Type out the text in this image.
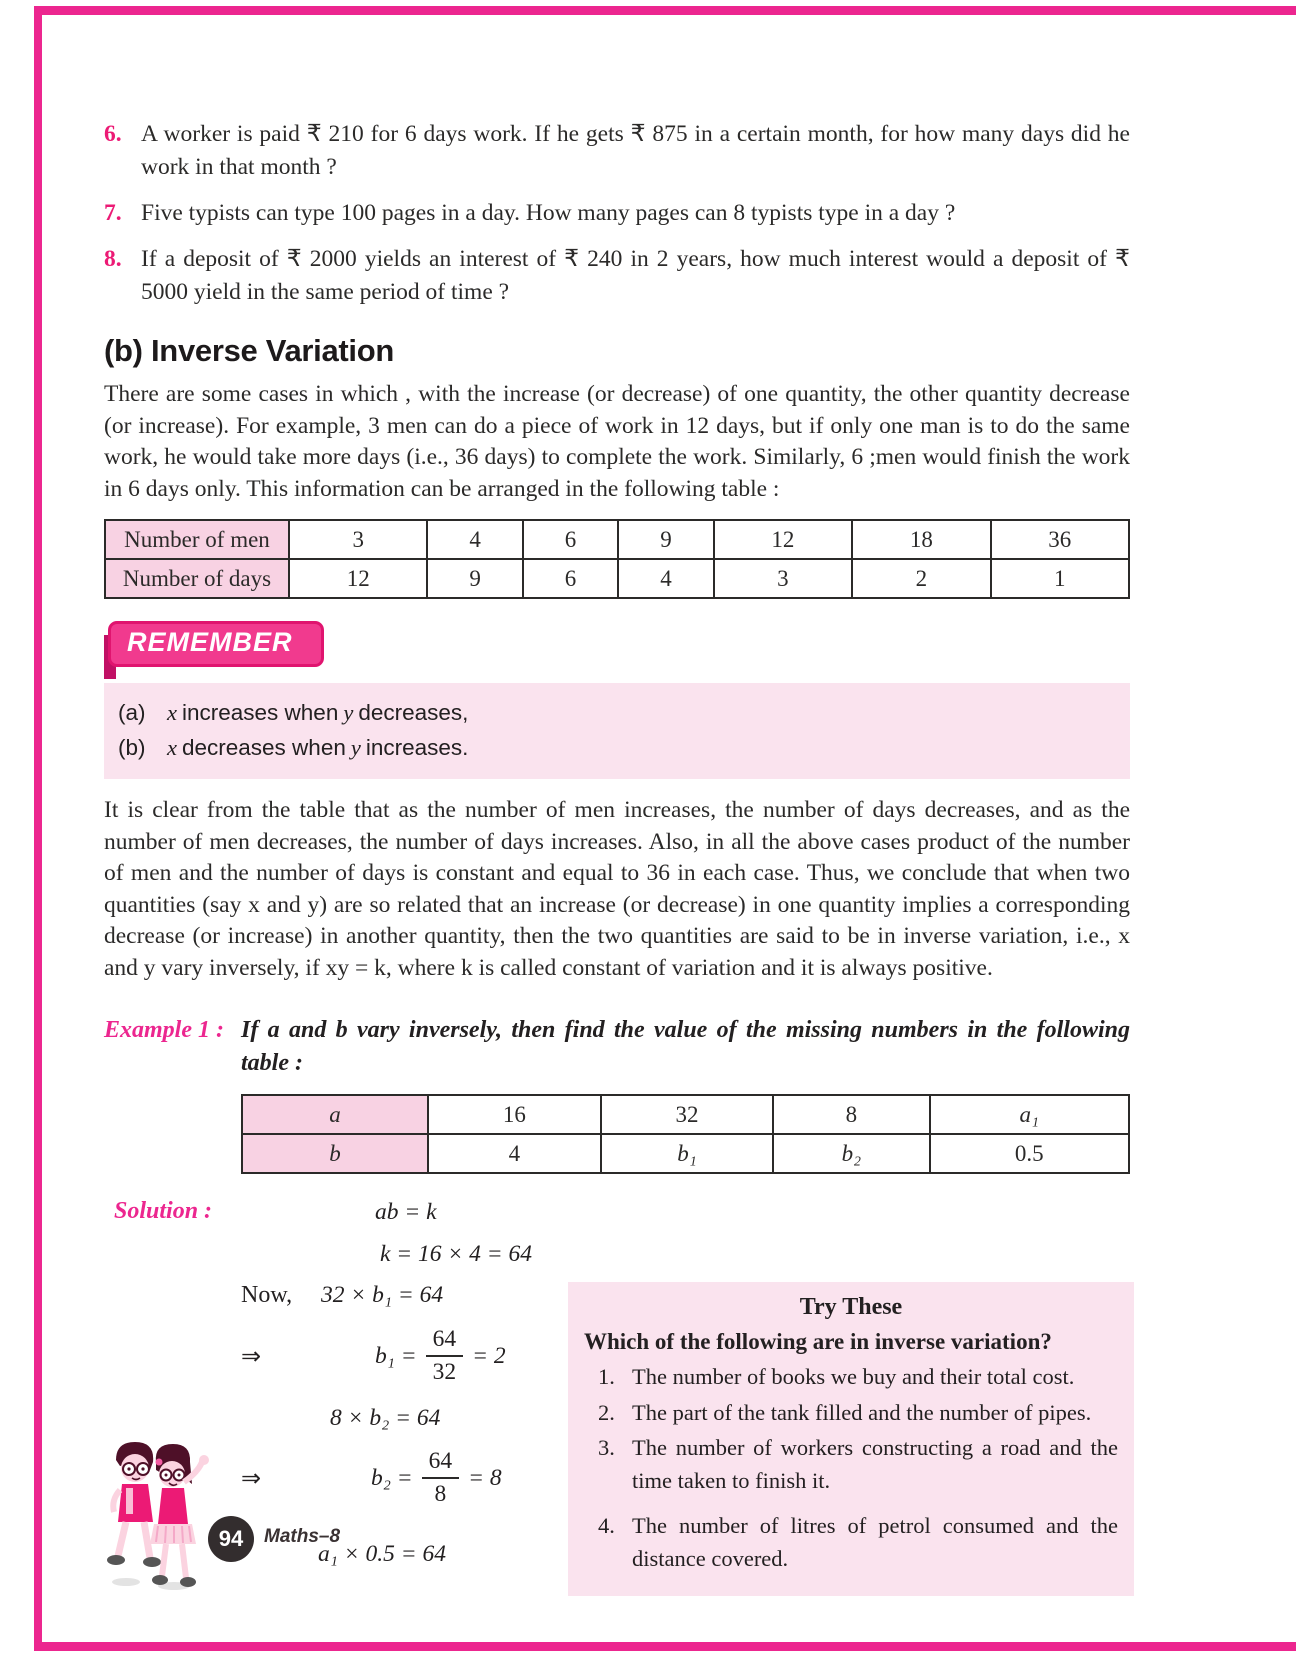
6. A worker is paid ₹ 210 for 6 days work. If he gets ₹ 875 in a certain month, for how many days did he work in that month ?
7. Five typists can type 100 pages in a day. How many pages can 8 typists type in a day ?
8. If a deposit of ₹ 2000 yields an interest of ₹ 240 in 2 years, how much interest would a deposit of ₹ 5000 yield in the same period of time ?
(b) Inverse Variation
There are some cases in which , with the increase (or decrease) of one quantity, the other quantity decrease (or increase). For example, 3 men can do a piece of work in 12 days, but if only one man is to do the same work, he would take more days (i.e., 36 days) to complete the work. Similarly, 6 ;men would finish the work in 6 days only. This information can be arranged in the following table :
Number of men	3	4	6	9	12	18	36
Number of days	12	9	6	4	3	2	1
REMEMBER
(a) x increases when y decreases,
(b) x decreases when y increases.
It is clear from the table that as the number of men increases, the number of days decreases, and as the number of men decreases, the number of days increases. Also, in all the above cases product of the number of men and the number of days is constant and equal to 36 in each case. Thus, we conclude that when two quantities (say x and y) are so related that an increase (or decrease) in one quantity implies a corresponding decrease (or increase) in another quantity, then the two quantities are said to be in inverse variation, i.e., x and y vary inversely, if xy = k, where k is called constant of variation and it is always positive.
Example 1 : If a and b vary inversely, then find the value of the missing numbers in the following table :
a	16	32	8	a₁
b	4	b₁	b₂	0.5
Solution :	ab = k
k = 16 × 4 = 64
Now,	32 × b₁ = 64
⇒	$b_1 = \frac{64}{32} = 2$
8 × b₂ = 64
⇒	$b_2 = \frac{64}{8} = 8$
a₁ × 0.5 = 64
Try These
Which of the following are in inverse variation?
1. The number of books we buy and their total cost.
2. The part of the tank filled and the number of pipes.
3. The number of workers constructing a road and the time taken to finish it.
4. The number of litres of petrol consumed and the distance covered.
94	Maths–8
